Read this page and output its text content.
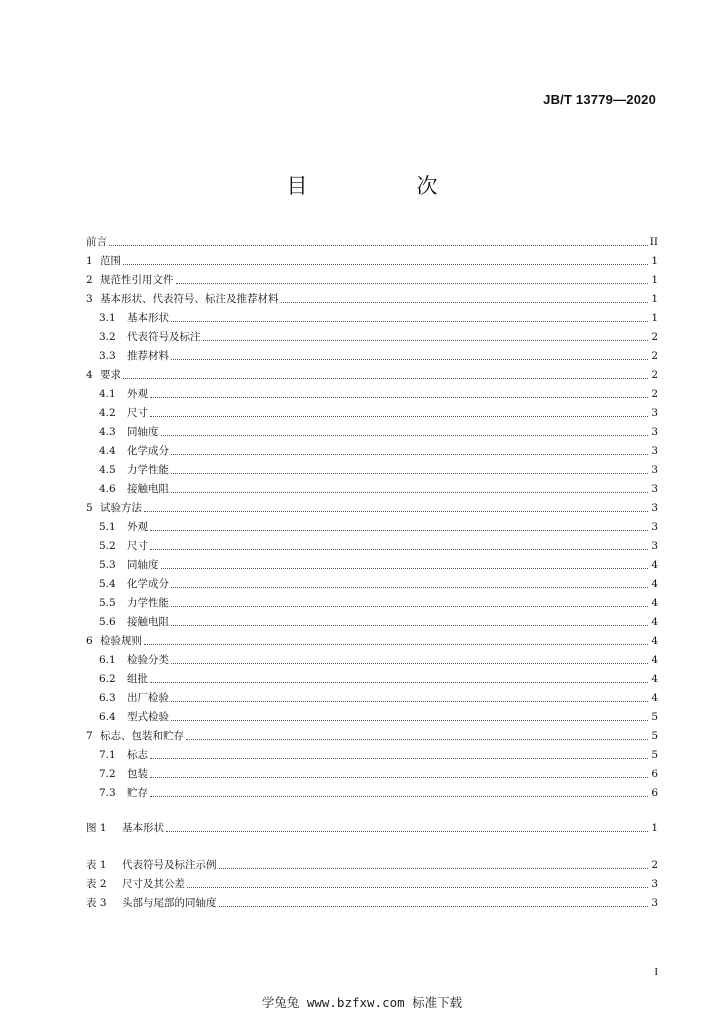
JB/T 13779—2020
目　次
前言	II
1 范围	1
2 规范性引用文件	1
3 基本形状、代表符号、标注及推荐材料	1
3.1	基本形状	1
3.2	代表符号及标注	2
3.3	推荐材料	2
4 要求	2
4.1	外观	2
4.2	尺寸	3
4.3	同轴度	3
4.4	化学成分	3
4.5	力学性能	3
4.6	接触电阻	3
5 试验方法	3
5.1	外观	3
5.2	尺寸	3
5.3	同轴度	4
5.4	化学成分	4
5.5	力学性能	4
5.6	接触电阻	4
6 检验规则	4
6.1	检验分类	4
6.2	组批	4
6.3	出厂检验	4
6.4	型式检验	5
7 标志、包装和贮存	5
7.1	标志	5
7.2	包装	6
7.3	贮存	6
图 1	基本形状	1
表 1	代表符号及标注示例	2
表 2	尺寸及其公差	3
表 3	头部与尾部的同轴度	3
I
学兔兔 www.bzfxw.com 标准下载
